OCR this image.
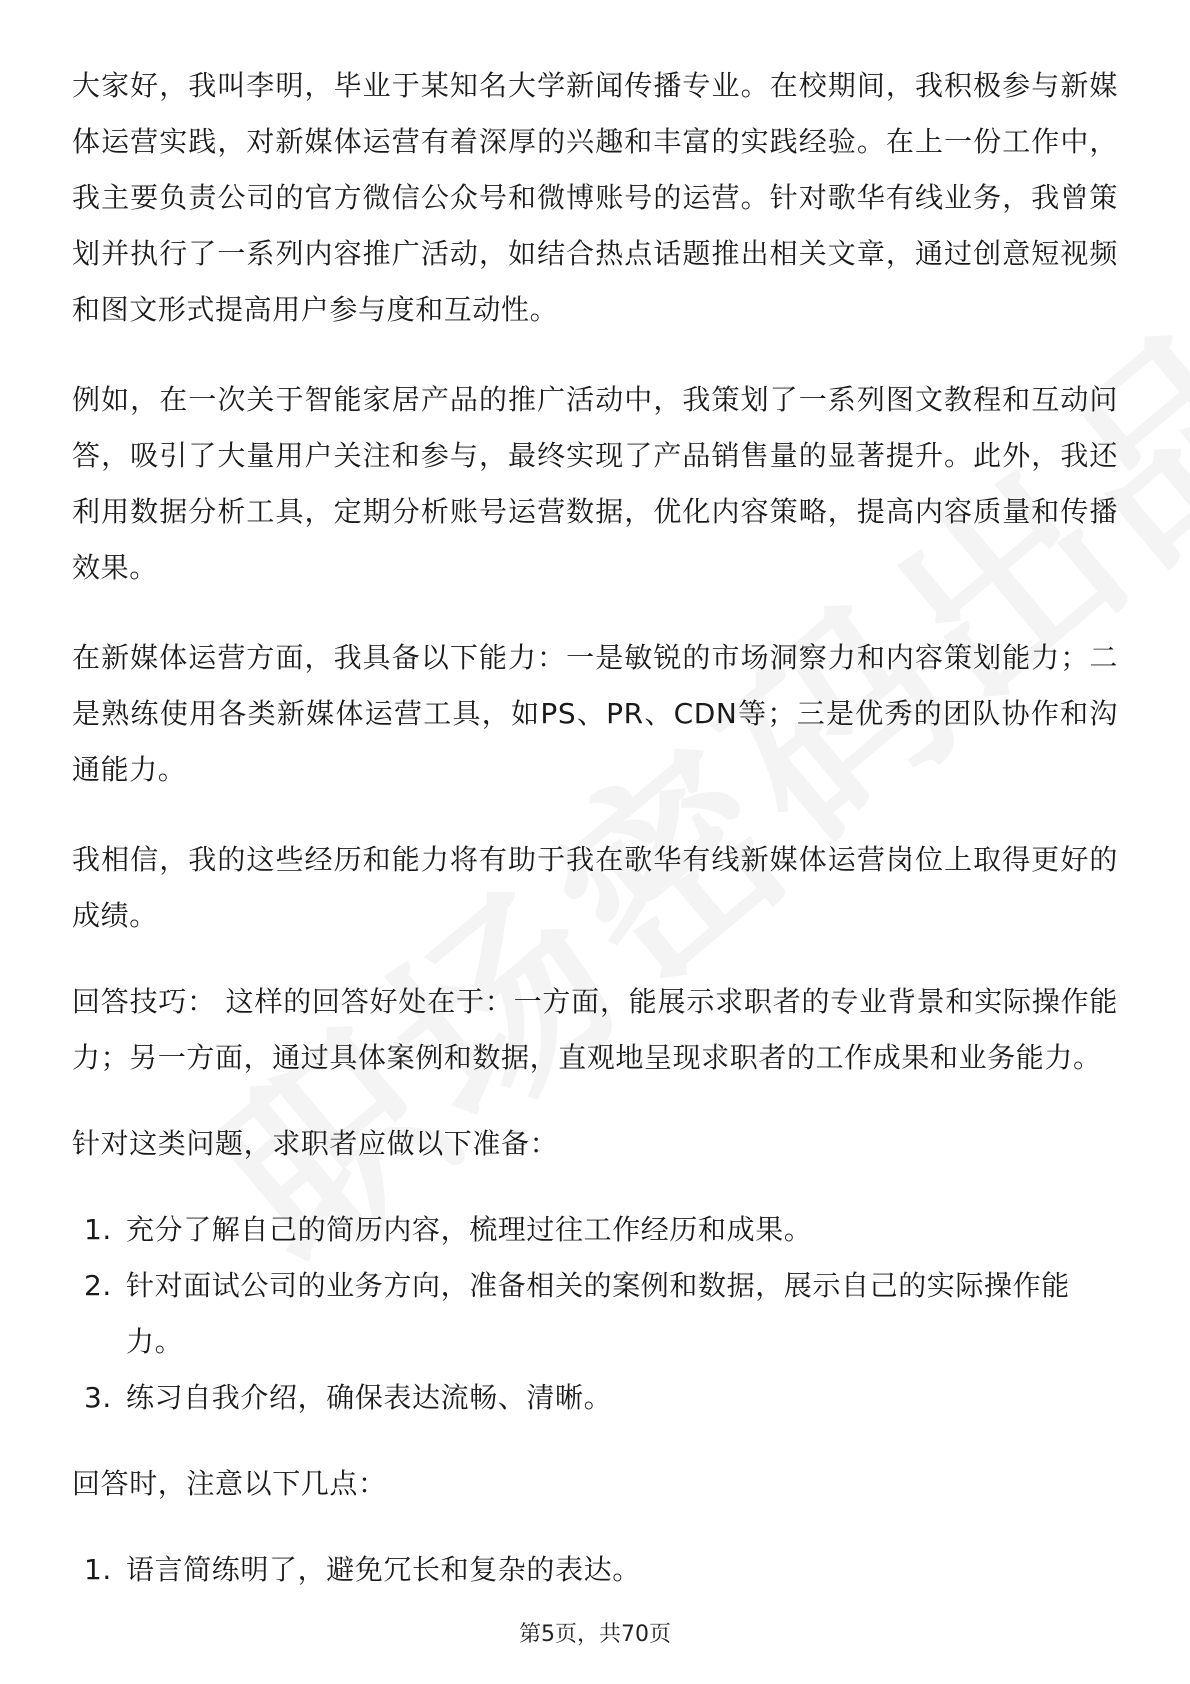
大家好，我叫李明，毕业于某知名大学新闻传播专业。在校期间，我积极参与新媒体运营实践，对新媒体运营有着深厚的兴趣和丰富的实践经验。在上一份工作中，我主要负责公司的官方微信公众号和微博账号的运营。针对歌华有线业务，我曾策划并执行了一系列内容推广活动，如结合热点话题推出相关文章，通过创意短视频和图文形式提高用户参与度和互动性。

例如，在一次关于智能家居产品的推广活动中，我策划了一系列图文教程和互动问答，吸引了大量用户关注和参与，最终实现了产品销售量的显著提升。此外，我还利用数据分析工具，定期分析账号运营数据，优化内容策略，提高内容质量和传播效果。

在新媒体运营方面，我具备以下能力：一是敏锐的市场洞察力和内容策划能力；二是熟练使用各类新媒体运营工具，如PS、PR、CDN等；三是优秀的团队协作和沟通能力。

我相信，我的这些经历和能力将有助于我在歌华有线新媒体运营岗位上取得更好的成绩。

回答技巧： 这样的回答好处在于：一方面，能展示求职者的专业背景和实际操作能力；另一方面，通过具体案例和数据，直观地呈现求职者的工作成果和业务能力。

针对这类问题，求职者应做以下准备：

1. 充分了解自己的简历内容，梳理过往工作经历和成果。
2. 针对面试公司的业务方向，准备相关的案例和数据，展示自己的实际操作能力。
3. 练习自我介绍，确保表达流畅、清晰。

回答时，注意以下几点：

1. 语言简练明了，避免冗长和复杂的表达。
第5页，共70页
